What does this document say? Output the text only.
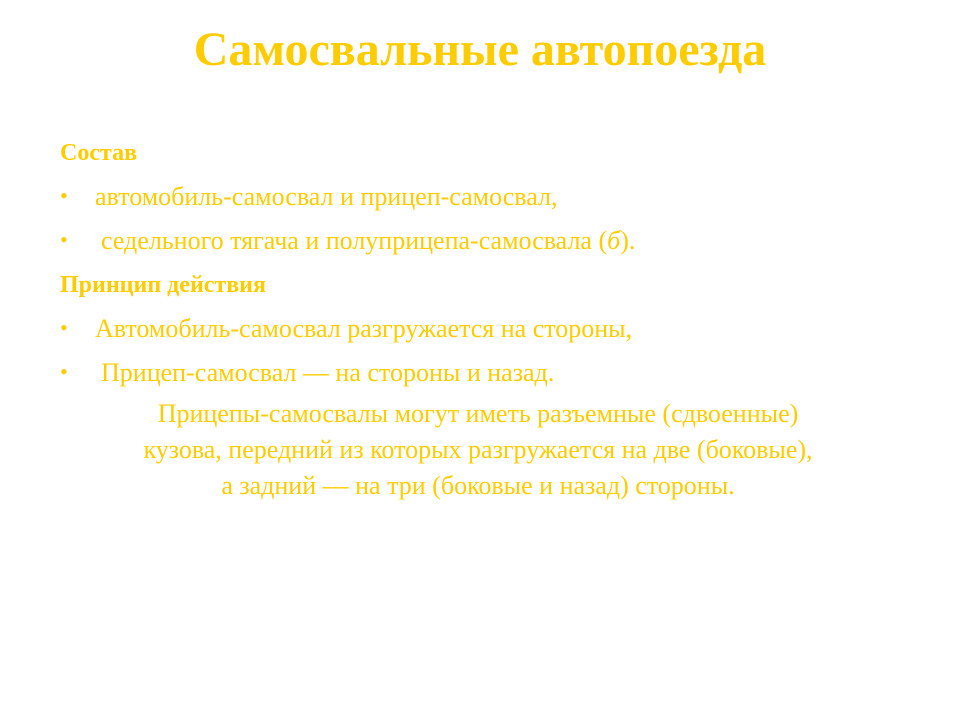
Самосвальные автопоезда
Состав
• автомобиль-самосвал и прицеп-самосвал,
• седельного тягача и полуприцепа-самосвала (б).
Принцип действия
• Автомобиль-самосвал разгружается на стороны,
• Прицеп-самосвал — на стороны и назад.
Прицепы-самосвалы могут иметь разъемные (сдвоенные)
кузова, передний из которых разгружается на две (боковые),
а задний — на три (боковые и назад) стороны.
